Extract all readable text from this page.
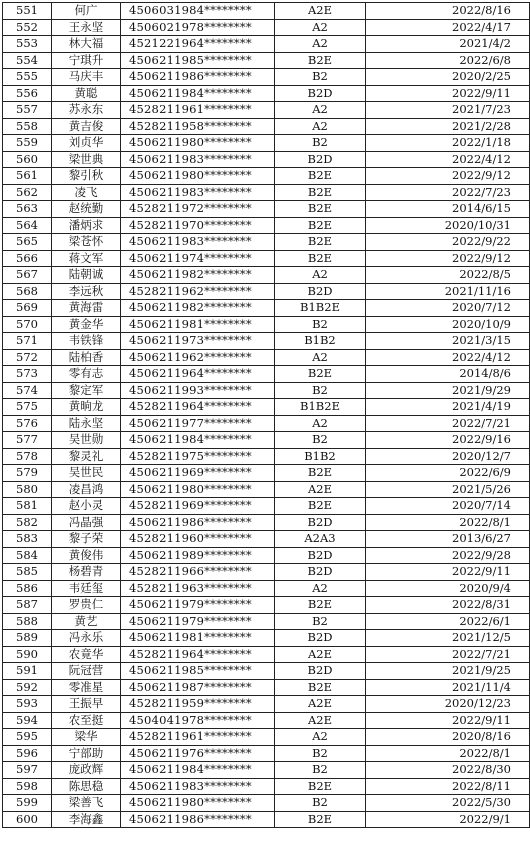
551	何广	4506031984********	A2E	2022/8/16
552	王永坚	4506021978********	A2	2022/4/17
553	林大福	4521221964********	A2	2021/4/2
554	宁琪升	4506211985********	B2E	2022/6/8
555	马庆丰	4506211986********	B2	2020/2/25
556	黄聪	4506211984********	B2D	2022/9/11
557	苏永东	4528211961********	A2	2021/7/23
558	黄吉俊	4528211958********	A2	2021/2/28
559	刘贞华	4506211980********	B2	2022/1/18
560	梁世典	4506211983********	B2D	2022/4/12
561	黎引秋	4506211980********	B2E	2022/9/12
562	凌飞	4506211983********	B2E	2022/7/23
563	赵统勤	4528211972********	B2E	2014/6/15
564	潘炳求	4528211970********	B2E	2020/10/31
565	梁苍怀	4506211983********	B2E	2022/9/22
566	蒋文军	4506211974********	B2E	2022/9/12
567	陆朝诚	4506211982********	A2	2022/8/5
568	李远秋	4528211962********	B2D	2021/11/16
569	黄海雷	4506211982********	B1B2E	2020/7/12
570	黄金华	4506211981********	B2	2020/10/9
571	韦铁锋	4506211973********	B1B2	2021/3/15
572	陆柏香	4506211962********	A2	2022/4/12
573	零有志	4506211964********	B2E	2014/8/6
574	黎定军	4506211993********	B2	2021/9/29
575	黄晌龙	4528211964********	B1B2E	2021/4/19
576	陆永坚	4506211977********	A2	2022/7/21
577	吴世勋	4506211984********	B2	2022/9/16
578	黎灵礼	4528211975********	B1B2	2020/12/7
579	吴世民	4506211969********	B2E	2022/6/9
580	凌昌鸿	4506211980********	A2E	2021/5/26
581	赵小灵	4528211969********	B2E	2020/7/14
582	冯晶强	4506211986********	B2D	2022/8/1
583	黎子荣	4528211960********	A2A3	2013/6/27
584	黄俊伟	4506211989********	B2D	2022/9/28
585	杨碧青	4528211966********	B2D	2022/9/11
586	韦廷玺	4528211963********	A2	2020/9/4
587	罗贵仁	4506211979********	B2E	2022/8/31
588	黄艺	4506211979********	B2	2022/6/1
589	冯永乐	4506211981********	B2D	2021/12/5
590	农竟华	4528211964********	A2E	2022/7/21
591	阮冠营	4506211985********	B2D	2021/9/25
592	零准星	4506211987********	B2E	2021/11/4
593	王振早	4528211959********	A2E	2020/12/23
594	农至挺	4504041978********	A2E	2022/9/11
595	梁华	4528211961********	A2	2020/8/16
596	宁部助	4506211976********	B2	2022/8/1
597	庞政辉	4506211984********	B2	2022/8/30
598	陈思稳	4506211983********	B2E	2022/8/11
599	梁善飞	4506211980********	B2	2022/5/30
600	李海鑫	4506211986********	B2E	2022/9/1
